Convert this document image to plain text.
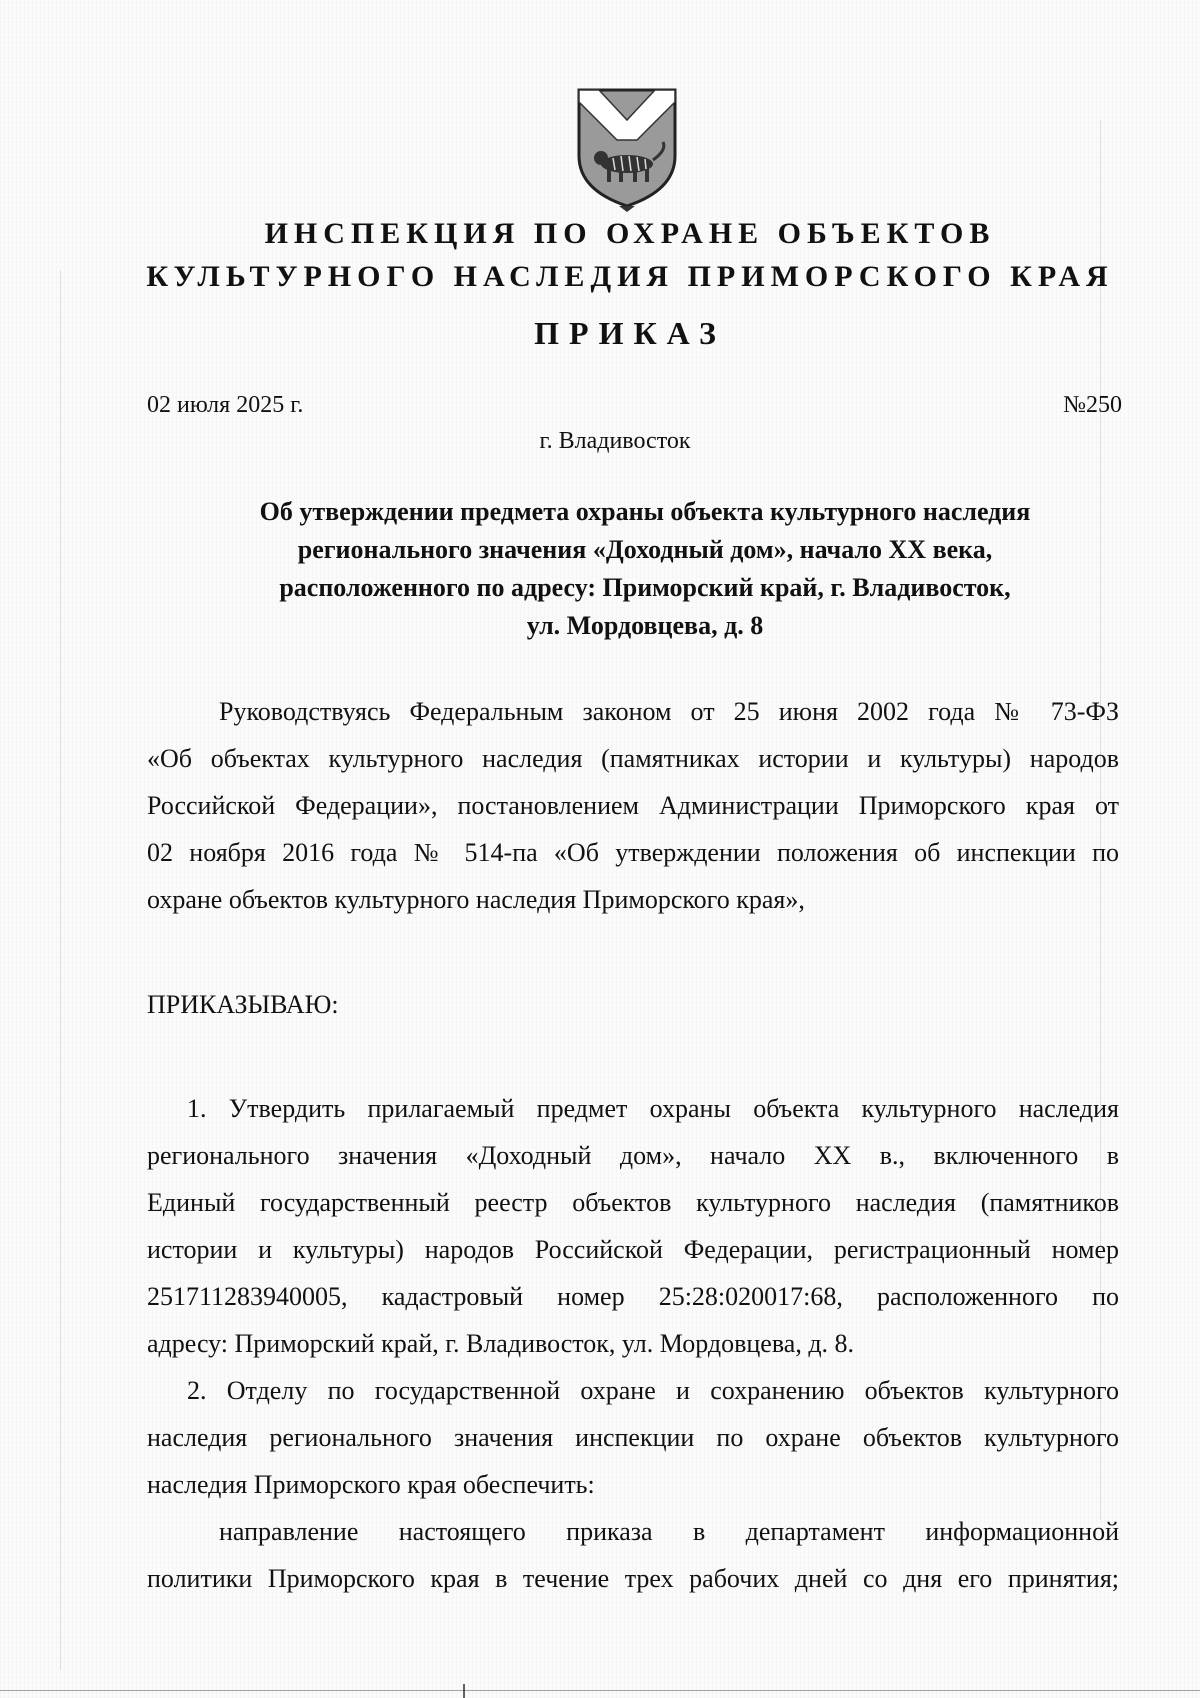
ИНСПЕКЦИЯ ПО ОХРАНЕ ОБЪЕКТОВ
КУЛЬТУРНОГО НАСЛЕДИЯ ПРИМОРСКОГО КРАЯ
ПРИКАЗ
02 июля 2025 г.	№250
г. Владивосток
Об утверждении предмета охраны объекта культурного наследия
регионального значения «Доходный дом», начало XX века,
расположенного по адресу: Приморский край, г. Владивосток,
ул. Мордовцева, д. 8
Руководствуясь Федеральным законом от 25 июня 2002 года № 73-ФЗ
«Об объектах культурного наследия (памятниках истории и культуры) народов
Российской Федерации», постановлением Администрации Приморского края от
02 ноября 2016 года № 514-па «Об утверждении положения об инспекции по
охране объектов культурного наследия Приморского края»,
ПРИКАЗЫВАЮ:
1. Утвердить прилагаемый предмет охраны объекта культурного наследия
регионального значения «Доходный дом», начало XX в., включенного в
Единый государственный реестр объектов культурного наследия (памятников
истории и культуры) народов Российской Федерации, регистрационный номер
251711283940005, кадастровый номер 25:28:020017:68, расположенного по
адресу: Приморский край, г. Владивосток, ул. Мордовцева, д. 8.
2. Отделу по государственной охране и сохранению объектов культурного
наследия регионального значения инспекции по охране объектов культурного
наследия Приморского края обеспечить:
направление настоящего приказа в департамент информационной
политики Приморского края в течение трех рабочих дней со дня его принятия;
